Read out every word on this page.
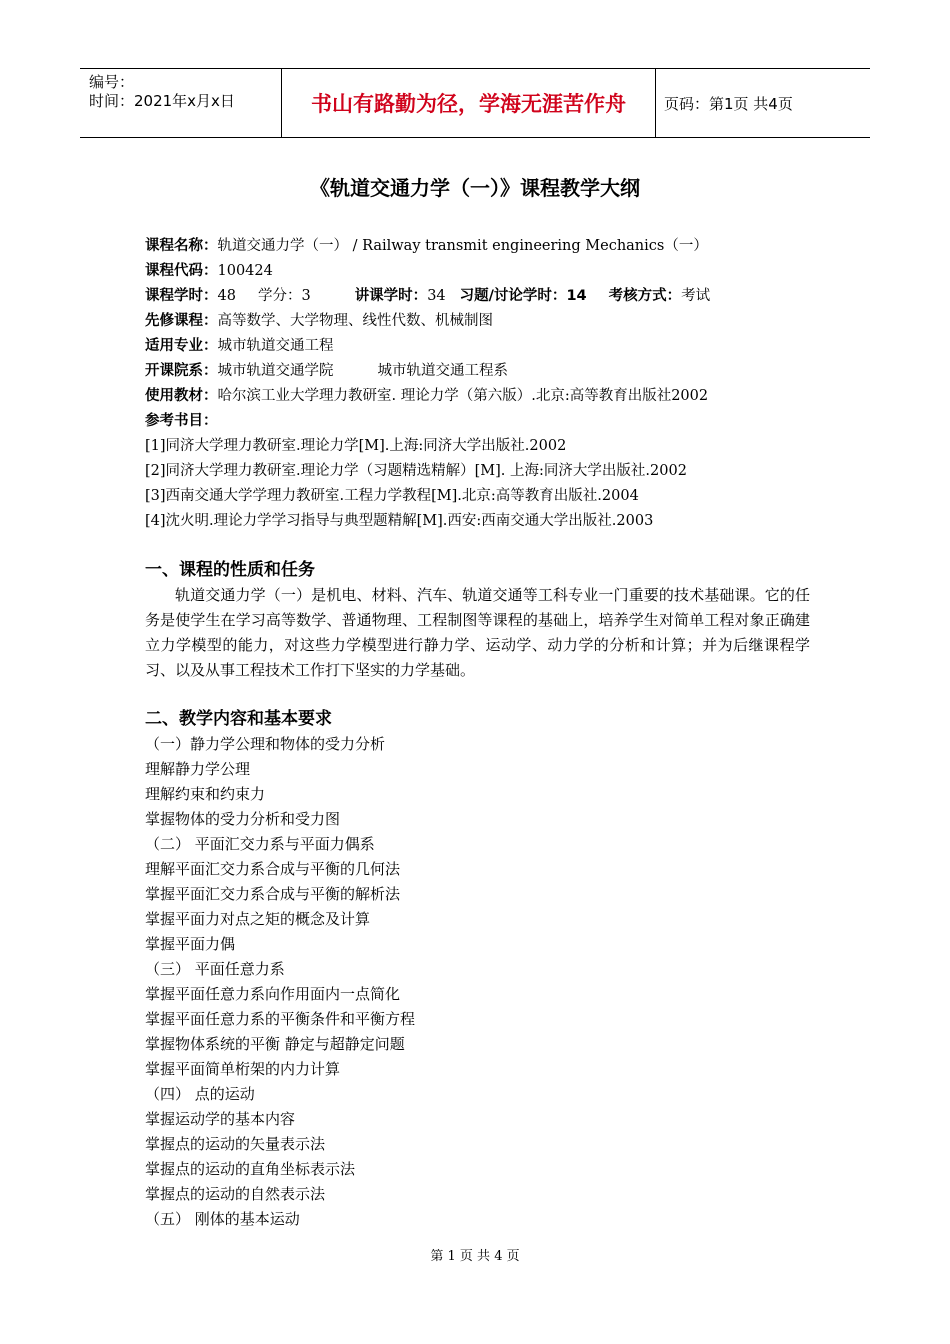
编号：
时间：2021年x月x日	书山有路勤为径，学海无涯苦作舟	页码：第1页 共4页
《轨道交通力学（一）》课程教学大纲
课程名称：轨道交通力学（一） / Railway transmit engineering Mechanics（一）
课程代码：100424
课程学时：48 学分：3	讲课学时：34 习题/讨论学时：14 考核方式：考试
先修课程：高等数学、大学物理、线性代数、机械制图
适用专业：城市轨道交通工程
开课院系：城市轨道交通学院	城市轨道交通工程系
使用教材：哈尔滨工业大学理力教研室. 理论力学（第六版）.北京:高等教育出版社2002
参考书目：
[1]同济大学理力教研室.理论力学[M].上海:同济大学出版社.2002
[2]同济大学理力教研室.理论力学（习题精选精解）[M]. 上海:同济大学出版社.2002
[3]西南交通大学学理力教研室.工程力学教程[M].北京:高等教育出版社.2004
[4]沈火明.理论力学学习指导与典型题精解[M].西安:西南交通大学出版社.2003
一、课程的性质和任务

轨道交通力学（一）是机电、材料、汽车、轨道交通等工科专业一门重要的技术基础课。它的任务是使学生在学习高等数学、普通物理、工程制图等课程的基础上，培养学生对简单工程对象正确建立力学模型的能力，对这些力学模型进行静力学、运动学、动力学的分析和计算；并为后继课程学习、以及从事工程技术工作打下坚实的力学基础。

二、教学内容和基本要求
（一）静力学公理和物体的受力分析
理解静力学公理
理解约束和约束力
掌握物体的受力分析和受力图
（二） 平面汇交力系与平面力偶系
理解平面汇交力系合成与平衡的几何法
掌握平面汇交力系合成与平衡的解析法
掌握平面力对点之矩的概念及计算
掌握平面力偶
（三） 平面任意力系
掌握平面任意力系向作用面内一点简化
掌握平面任意力系的平衡条件和平衡方程
掌握物体系统的平衡 静定与超静定问题
掌握平面简单桁架的内力计算
（四） 点的运动
掌握运动学的基本内容
掌握点的运动的矢量表示法
掌握点的运动的直角坐标表示法
掌握点的运动的自然表示法
（五） 刚体的基本运动
第 1 页 共 4 页
